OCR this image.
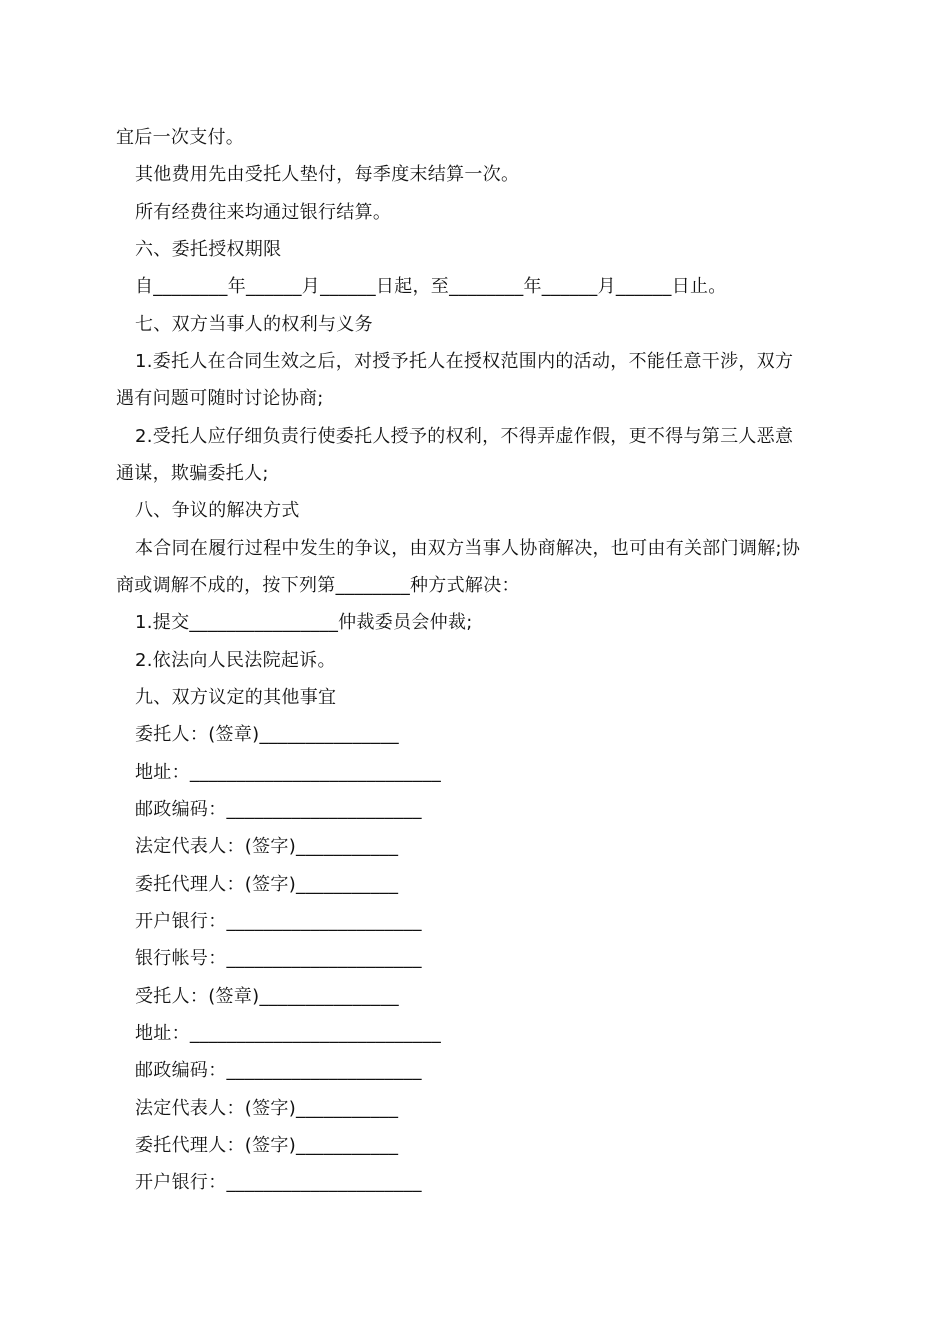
宜后一次支付。
其他费用先由受托人垫付，每季度末结算一次。
所有经费往来均通过银行结算。
六、委托授权期限
自________年______月______日起，至________年______月______日止。
七、双方当事人的权利与义务
1.委托人在合同生效之后，对授予托人在授权范围内的活动，不能任意干涉，双方
遇有问题可随时讨论协商;
2.受托人应仔细负责行使委托人授予的权利，不得弄虚作假，更不得与第三人恶意
通谋，欺骗委托人;
八、争议的解决方式
本合同在履行过程中发生的争议，由双方当事人协商解决，也可由有关部门调解;协
商或调解不成的，按下列第________种方式解决：
1.提交________________仲裁委员会仲裁;
2.依法向人民法院起诉。
九、双方议定的其他事宜
委托人：(签章)_______________
地址：___________________________
邮政编码：_____________________
法定代表人：(签字)___________
委托代理人：(签字)___________
开户银行：_____________________
银行帐号：_____________________
受托人：(签章)_______________
地址：___________________________
邮政编码：_____________________
法定代表人：(签字)___________
委托代理人：(签字)___________
开户银行：_____________________
